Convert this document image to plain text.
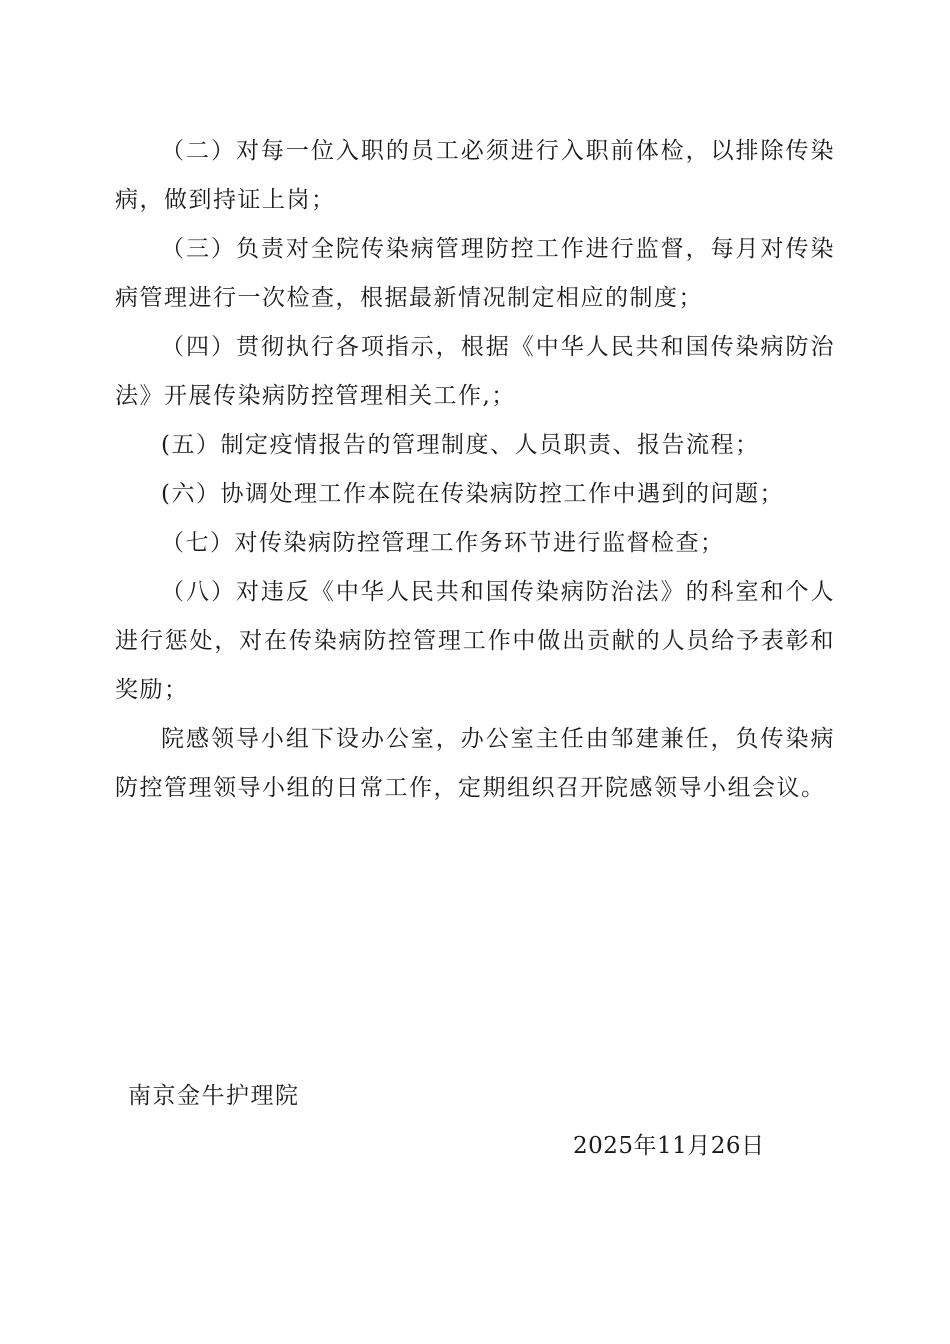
（二）对每一位入职的员工必须进行入职前体检，以排除传染病，做到持证上岗；

（三）负责对全院传染病管理防控工作进行监督，每月对传染病管理进行一次检查，根据最新情况制定相应的制度；

（四）贯彻执行各项指示，根据《中华人民共和国传染病防治法》开展传染病防控管理相关工作,；

(五）制定疫情报告的管理制度、人员职责、报告流程；

(六）协调处理工作本院在传染病防控工作中遇到的问题；

（七）对传染病防控管理工作务环节进行监督检查；

（八）对违反《中华人民共和国传染病防治法》的科室和个人进行惩处，对在传染病防控管理工作中做出贡献的人员给予表彰和奖励；

院感领导小组下设办公室，办公室主任由邹建兼任，负传染病防控管理领导小组的日常工作，定期组织召开院感领导小组会议。

南京金牛护理院
2025年11月26日
